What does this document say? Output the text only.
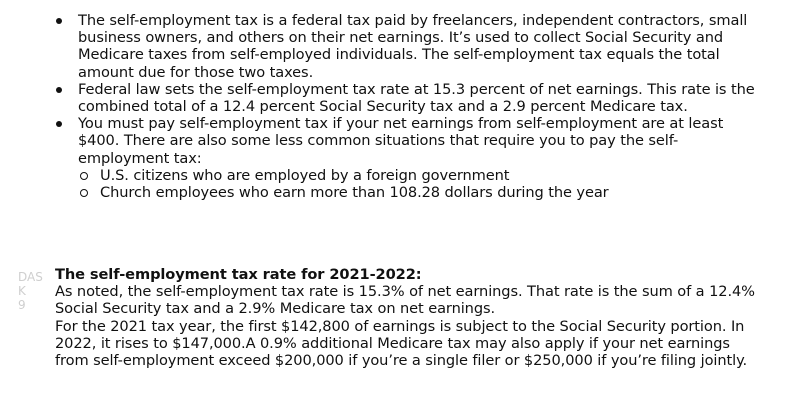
The self-employment tax is a federal tax paid by freelancers, independent contractors, small business owners, and others on their net earnings. It’s used to collect Social Security and Medicare taxes from self-employed individuals. The self-employment tax equals the total amount due for those two taxes.
Federal law sets the self-employment tax rate at 15.3 percent of net earnings. This rate is the combined total of a 12.4 percent Social Security tax and a 2.9 percent Medicare tax.
You must pay self-employment tax if your net earnings from self-employment are at least $400. There are also some less common situations that require you to pay the self-employment tax:
U.S. citizens who are employed by a foreign government
Church employees who earn more than 108.28 dollars during the year
DAS
K
9
The self-employment tax rate for 2021-2022:

As noted, the self-employment tax rate is 15.3% of net earnings. That rate is the sum of a 12.4% Social Security tax and a 2.9% Medicare tax on net earnings.

For the 2021 tax year, the first $142,800 of earnings is subject to the Social Security portion. In 2022, it rises to $147,000.A 0.9% additional Medicare tax may also apply if your net earnings from self-employment exceed $200,000 if you’re a single filer or $250,000 if you’re filing jointly.
